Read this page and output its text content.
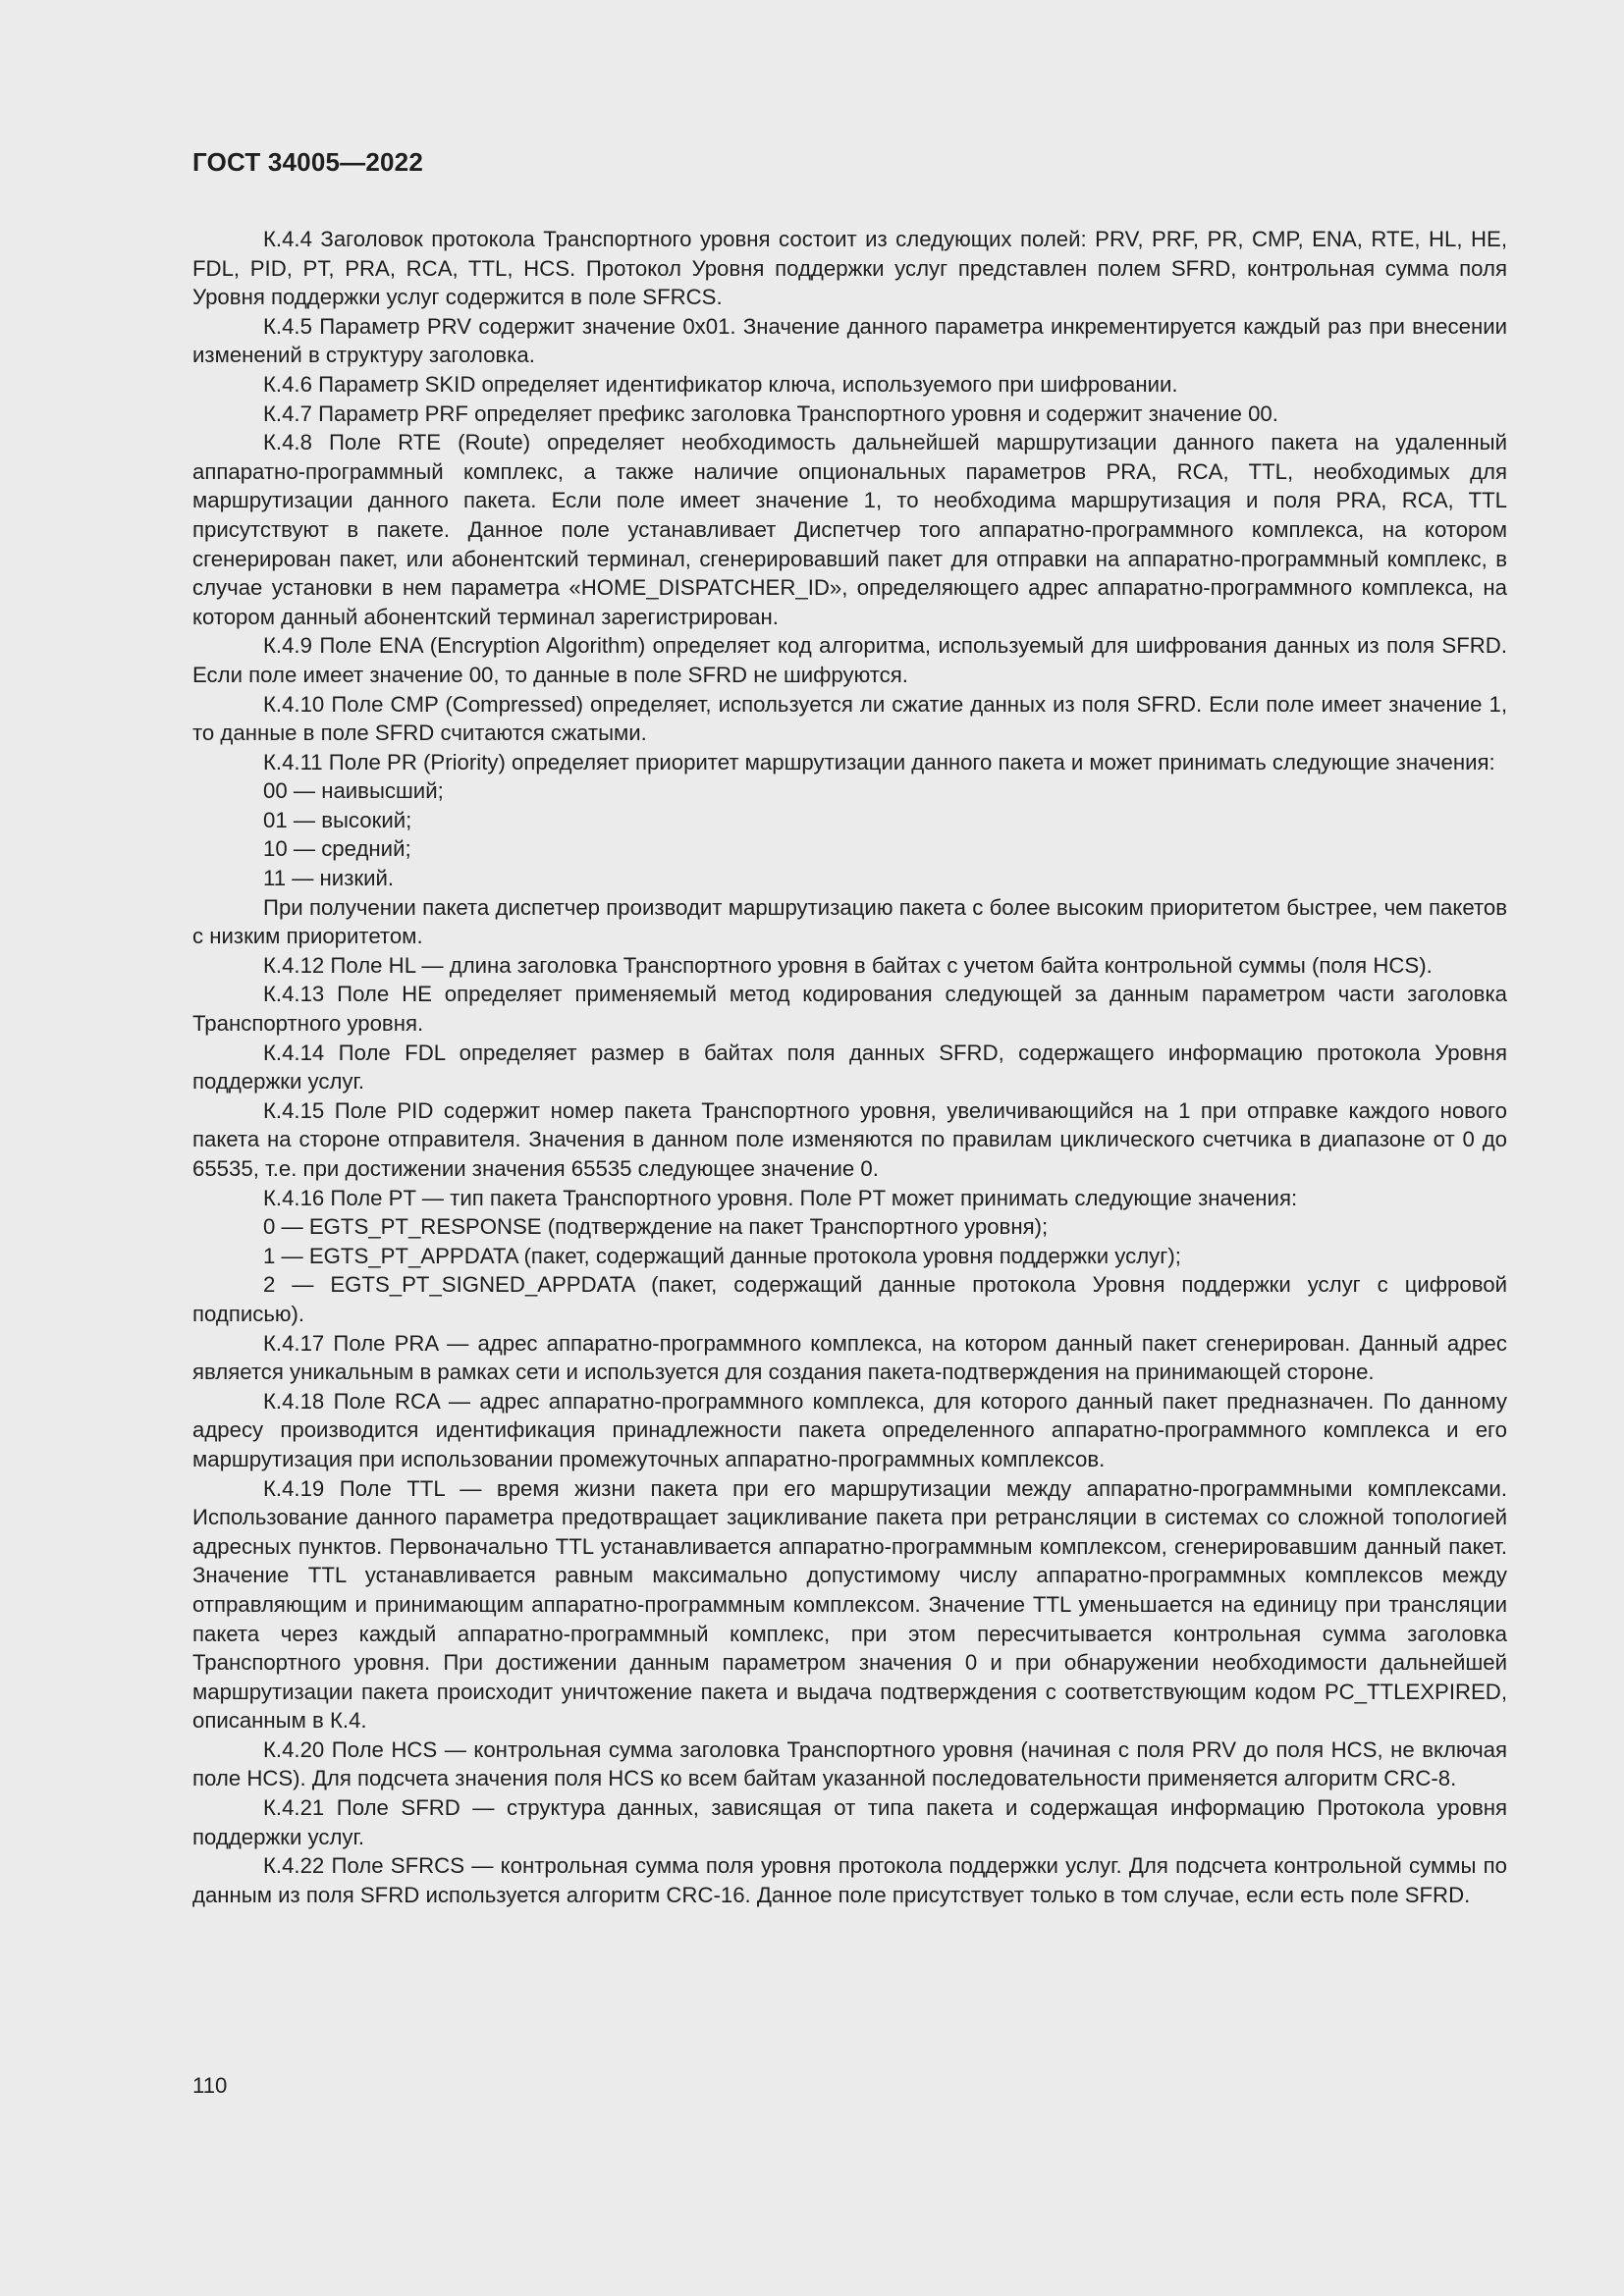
ГОСТ 34005—2022

К.4.4 Заголовок протокола Транспортного уровня состоит из следующих полей: PRV, PRF, PR, CMP, ENA, RTE, HL, HE, FDL, PID, PT, PRA, RCA, TTL, HCS. Протокол Уровня поддержки услуг представлен полем SFRD, контрольная сумма поля Уровня поддержки услуг содержится в поле SFRCS.

К.4.5 Параметр PRV содержит значение 0x01. Значение данного параметра инкрементируется каждый раз при внесении изменений в структуру заголовка.

К.4.6 Параметр SKID определяет идентификатор ключа, используемого при шифровании.

К.4.7 Параметр PRF определяет префикс заголовка Транспортного уровня и содержит значение 00.

К.4.8 Поле RTE (Route) определяет необходимость дальнейшей маршрутизации данного пакета на удаленный аппаратно-программный комплекс, а также наличие опциональных параметров PRA, RCA, TTL, необходимых для маршрутизации данного пакета. Если поле имеет значение 1, то необходима маршрутизация и поля PRA, RCA, TTL присутствуют в пакете. Данное поле устанавливает Диспетчер того аппаратно-программного комплекса, на котором сгенерирован пакет, или абонентский терминал, сгенерировавший пакет для отправки на аппаратно-программный комплекс, в случае установки в нем параметра «HOME_DISPATCHER_ID», определяющего адрес аппаратно-программного комплекса, на котором данный абонентский терминал зарегистрирован.

К.4.9 Поле ENA (Encryption Algorithm) определяет код алгоритма, используемый для шифрования данных из поля SFRD. Если поле имеет значение 00, то данные в поле SFRD не шифруются.

К.4.10 Поле CMP (Compressed) определяет, используется ли сжатие данных из поля SFRD. Если поле имеет значение 1, то данные в поле SFRD считаются сжатыми.

К.4.11 Поле PR (Priority) определяет приоритет маршрутизации данного пакета и может принимать следующие значения:

00 — наивысший;

01 — высокий;

10 — средний;

11 — низкий.

При получении пакета диспетчер производит маршрутизацию пакета с более высоким приоритетом быстрее, чем пакетов с низким приоритетом.

К.4.12 Поле HL — длина заголовка Транспортного уровня в байтах с учетом байта контрольной суммы (поля HCS).

К.4.13 Поле HE определяет применяемый метод кодирования следующей за данным параметром части заголовка Транспортного уровня.

К.4.14 Поле FDL определяет размер в байтах поля данных SFRD, содержащего информацию протокола Уровня поддержки услуг.

К.4.15 Поле PID содержит номер пакета Транспортного уровня, увеличивающийся на 1 при отправке каждого нового пакета на стороне отправителя. Значения в данном поле изменяются по правилам циклического счетчика в диапазоне от 0 до 65535, т.е. при достижении значения 65535 следующее значение 0.

К.4.16 Поле PT — тип пакета Транспортного уровня. Поле PT может принимать следующие значения:

0 — EGTS_PT_RESPONSE (подтверждение на пакет Транспортного уровня);

1 — EGTS_PT_APPDATA (пакет, содержащий данные протокола уровня поддержки услуг);

2 — EGTS_PT_SIGNED_APPDATA (пакет, содержащий данные протокола Уровня поддержки услуг с цифровой подписью).

К.4.17 Поле PRA — адрес аппаратно-программного комплекса, на котором данный пакет сгенерирован. Данный адрес является уникальным в рамках сети и используется для создания пакета-подтверждения на принимающей стороне.

К.4.18 Поле RCA — адрес аппаратно-программного комплекса, для которого данный пакет предназначен. По данному адресу производится идентификация принадлежности пакета определенного аппаратно-программного комплекса и его маршрутизация при использовании промежуточных аппаратно-программных комплексов.

К.4.19 Поле TTL — время жизни пакета при его маршрутизации между аппаратно-программными комплексами. Использование данного параметра предотвращает зацикливание пакета при ретрансляции в системах со сложной топологией адресных пунктов. Первоначально TTL устанавливается аппаратно-программным комплексом, сгенерировавшим данный пакет. Значение TTL устанавливается равным максимально допустимому числу аппаратно-программных комплексов между отправляющим и принимающим аппаратно-программным комплексом. Значение TTL уменьшается на единицу при трансляции пакета через каждый аппаратно-программный комплекс, при этом пересчитывается контрольная сумма заголовка Транспортного уровня. При достижении данным параметром значения 0 и при обнаружении необходимости дальнейшей маршрутизации пакета происходит уничтожение пакета и выдача подтверждения с соответствующим кодом PC_TTLEXPIRED, описанным в К.4.

К.4.20 Поле HCS — контрольная сумма заголовка Транспортного уровня (начиная с поля PRV до поля HCS, не включая поле HCS). Для подсчета значения поля HCS ко всем байтам указанной последовательности применяется алгоритм CRC-8.

К.4.21 Поле SFRD — структура данных, зависящая от типа пакета и содержащая информацию Протокола уровня поддержки услуг.

К.4.22 Поле SFRCS — контрольная сумма поля уровня протокола поддержки услуг. Для подсчета контрольной суммы по данным из поля SFRD используется алгоритм CRC-16. Данное поле присутствует только в том случае, если есть поле SFRD.

110
